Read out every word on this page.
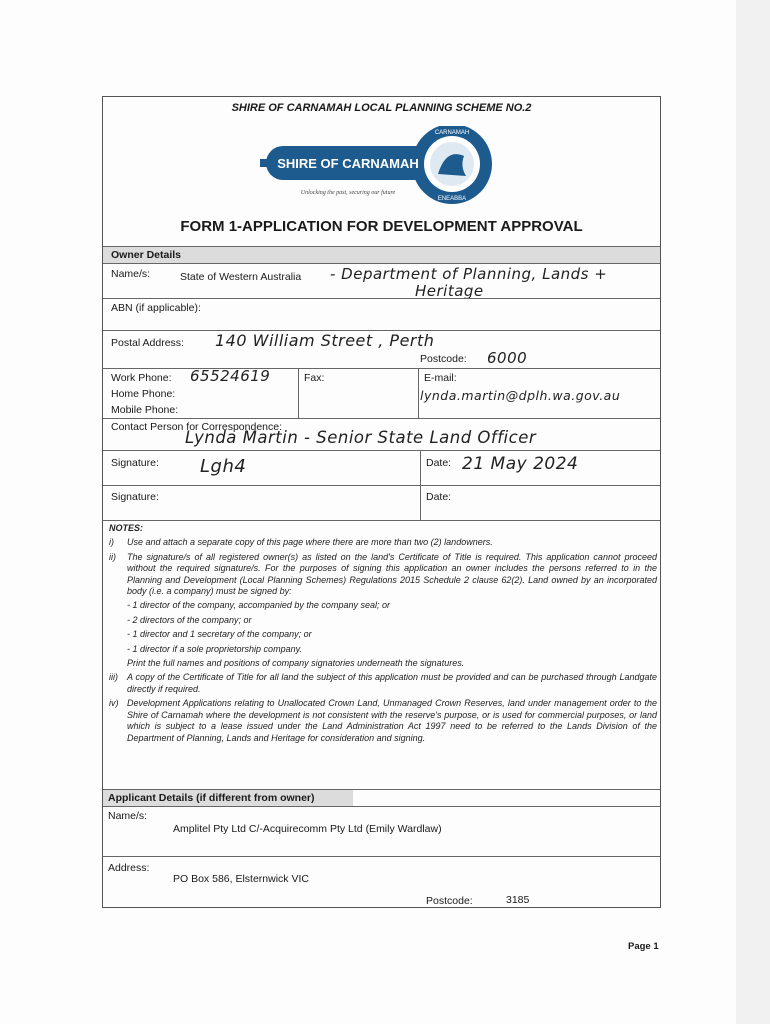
SHIRE OF CARNAMAH LOCAL PLANNING SCHEME NO.2
CARNAMAH
ENEABBA
SHIRE OF CARNAMAH
Unlocking the past, securing our future
FORM 1-APPLICATION FOR DEVELOPMENT APPROVAL
Owner Details
Name/s:	State of Western Australia - Department of Planning, Lands +
Heritage
ABN (if applicable):
Postal Address: 140 William Street , Perth
Postcode: 6000
Work Phone: 65524619
Home Phone:
Mobile Phone:
Fax:	E-mail:
lynda.martin@dplh.wa.gov.au
Contact Person for Correspondence:
Lynda Martin - Senior State Land Officer
Signature: Lgh4	Date: 21 May 2024
Signature:	Date:

NOTES:

i)	Use and attach a separate copy of this page where there are more than two (2) landowners.
ii)	The signature/s of all registered owner(s) as listed on the land's Certificate of Title is required. This application cannot proceed without the required signature/s. For the purposes of signing this application an owner includes the persons referred to in the Planning and Development (Local Planning Schemes) Regulations 2015 Schedule 2 clause 62(2). Land owned by an incorporated body (i.e. a company) must be signed by:

- 1 director of the company, accompanied by the company seal; or

- 2 directors of the company; or

- 1 director and 1 secretary of the company; or

- 1 director if a sole proprietorship company.

Print the full names and positions of company signatories underneath the signatures.

iii)	A copy of the Certificate of Title for all land the subject of this application must be provided and can be purchased through Landgate directly if required.
iv) Development Applications relating to Unallocated Crown Land, Unmanaged Crown Reserves, land under management order to the Shire of Carnamah where the development is not consistent with the reserve's purpose, or is used for commercial purposes, or land which is subject to a lease issued under the Land Administration Act 1997 need to be referred to the Lands Division of the Department of Planning, Lands and Heritage for consideration and signing.
Applicant Details (if different from owner)
Name/s:
Amplitel Pty Ltd C/-Acquirecomm Pty Ltd (Emily Wardlaw)
Address:
PO Box 586, Elsternwick VIC
Postcode:	3185
Page 1
